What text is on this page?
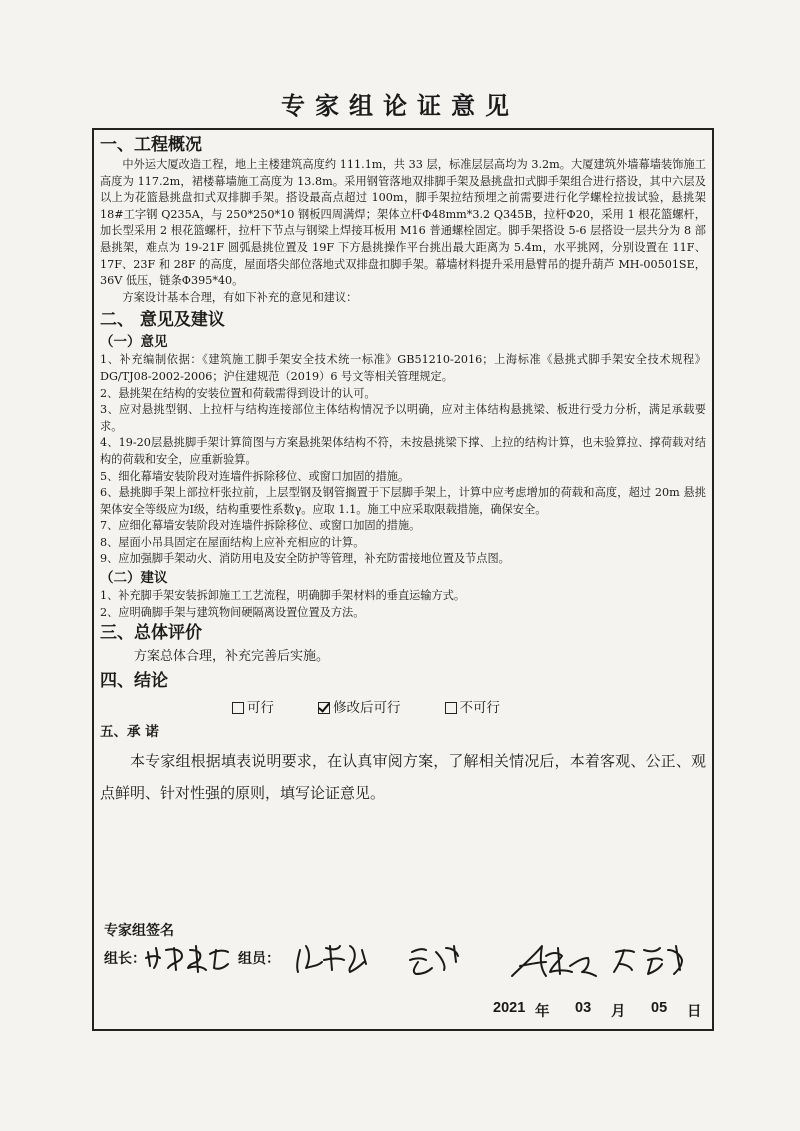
专家组论证意见

一、工程概况

中外运大厦改造工程，地上主楼建筑高度约 111.1m，共 33 层，标准层层高均为 3.2m。大厦建筑外墙幕墙装饰施工高度为 117.2m，裙楼幕墙施工高度为 13.8m。采用钢管落地双排脚手架及悬挑盘扣式脚手架组合进行搭设，其中六层及以上为花篮悬挑盘扣式双排脚手架。搭设最高点超过 100m，脚手架拉结预埋之前需要进行化学螺栓拉拔试验，悬挑架 18#工字钢 Q235A，与 250*250*10 钢板四周满焊；架体立杆Φ48mm*3.2 Q345B，拉杆Φ20，采用 1 根花篮螺杆，加长型采用 2 根花篮螺杆，拉杆下节点与钢梁上焊接耳板用 M16 普通螺栓固定。脚手架搭设 5-6 层搭设一层共分为 8 部悬挑架，难点为 19-21F 圆弧悬挑位置及 19F 下方悬挑操作平台挑出最大距离为 5.4m，水平挑网，分别设置在 11F、17F、23F 和 28F 的高度，屋面塔尖部位落地式双排盘扣脚手架。幕墙材料提升采用悬臂吊的提升葫芦 MH-00501SE，36V 低压，链条Φ395*40。

方案设计基本合理，有如下补充的意见和建议：

二、 意见及建议

（一）意见

1、补充编制依据：《建筑施工脚手架安全技术统一标准》GB51210-2016；上海标准《悬挑式脚手架安全技术规程》DG/TJ08-2002-2006；沪住建规范（2019）6 号文等相关管理规定。

2、悬挑架在结构的安装位置和荷载需得到设计的认可。

3、应对悬挑型钢、上拉杆与结构连接部位主体结构情况予以明确，应对主体结构悬挑梁、板进行受力分析，满足承载要求。

4、19-20层悬挑脚手架计算简图与方案悬挑架体结构不符，未按悬挑梁下撑、上拉的结构计算，也未验算拉、撑荷载对结构的荷载和安全，应重新验算。

5、细化幕墙安装阶段对连墙件拆除移位、或窗口加固的措施。

6、悬挑脚手架上部拉杆张拉前，上层型钢及钢管搁置于下层脚手架上，计算中应考虑增加的荷载和高度，超过 20m 悬挑架体安全等级应为Ⅰ级，结构重要性系数γ。应取 1.1。施工中应采取限载措施，确保安全。

7、应细化幕墙安装阶段对连墙件拆除移位、或窗口加固的措施。

8、屋面小吊具固定在屋面结构上应补充相应的计算。

9、应加强脚手架动火、消防用电及安全防护等管理，补充防雷接地位置及节点图。

（二）建议

1、补充脚手架安装拆卸施工工艺流程，明确脚手架材料的垂直运输方式。

2、应明确脚手架与建筑物间硬隔离设置位置及方法。

三、总体评价

方案总体合理，补充完善后实施。

四、结论

可行	修改后可行	不可行

五、承 诺

本专家组根据填表说明要求，在认真审阅方案，了解相关情况后，本着客观、公正、观点鲜明、针对性强的原则，填写论证意见。

专家组签名
组长：	组员：
2021 年 03 月 05 日
